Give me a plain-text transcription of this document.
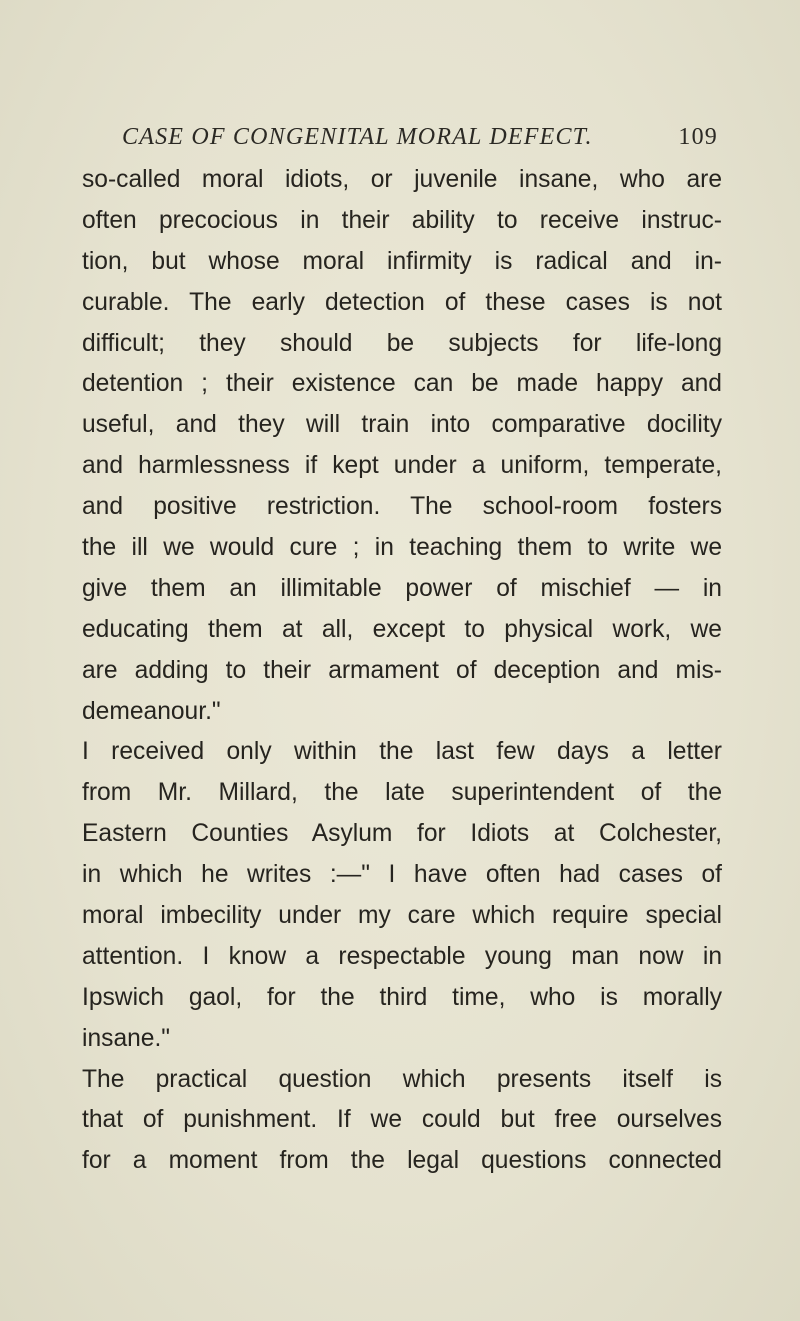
CASE OF CONGENITAL MORAL DEFECT.	109
so-called moral idiots, or juvenile insane, who are
often precocious in their ability to receive instruc-
tion, but whose moral infirmity is radical and in-
curable. The early detection of these cases is not
difficult; they should be subjects for life-long
detention ; their existence can be made happy and
useful, and they will train into comparative docility
and harmlessness if kept under a uniform, temperate,
and positive restriction. The school-room fosters
the ill we would cure ; in teaching them to write we
give them an illimitable power of mischief — in
educating them at all, except to physical work, we
are adding to their armament of deception and mis-
demeanour."
I received only within the last few days a letter
from Mr. Millard, the late superintendent of the
Eastern Counties Asylum for Idiots at Colchester,
in which he writes :—" I have often had cases of
moral imbecility under my care which require special
attention. I know a respectable young man now in
Ipswich gaol, for the third time, who is morally
insane."
The practical question which presents itself is
that of punishment. If we could but free ourselves
for a moment from the legal questions connected
